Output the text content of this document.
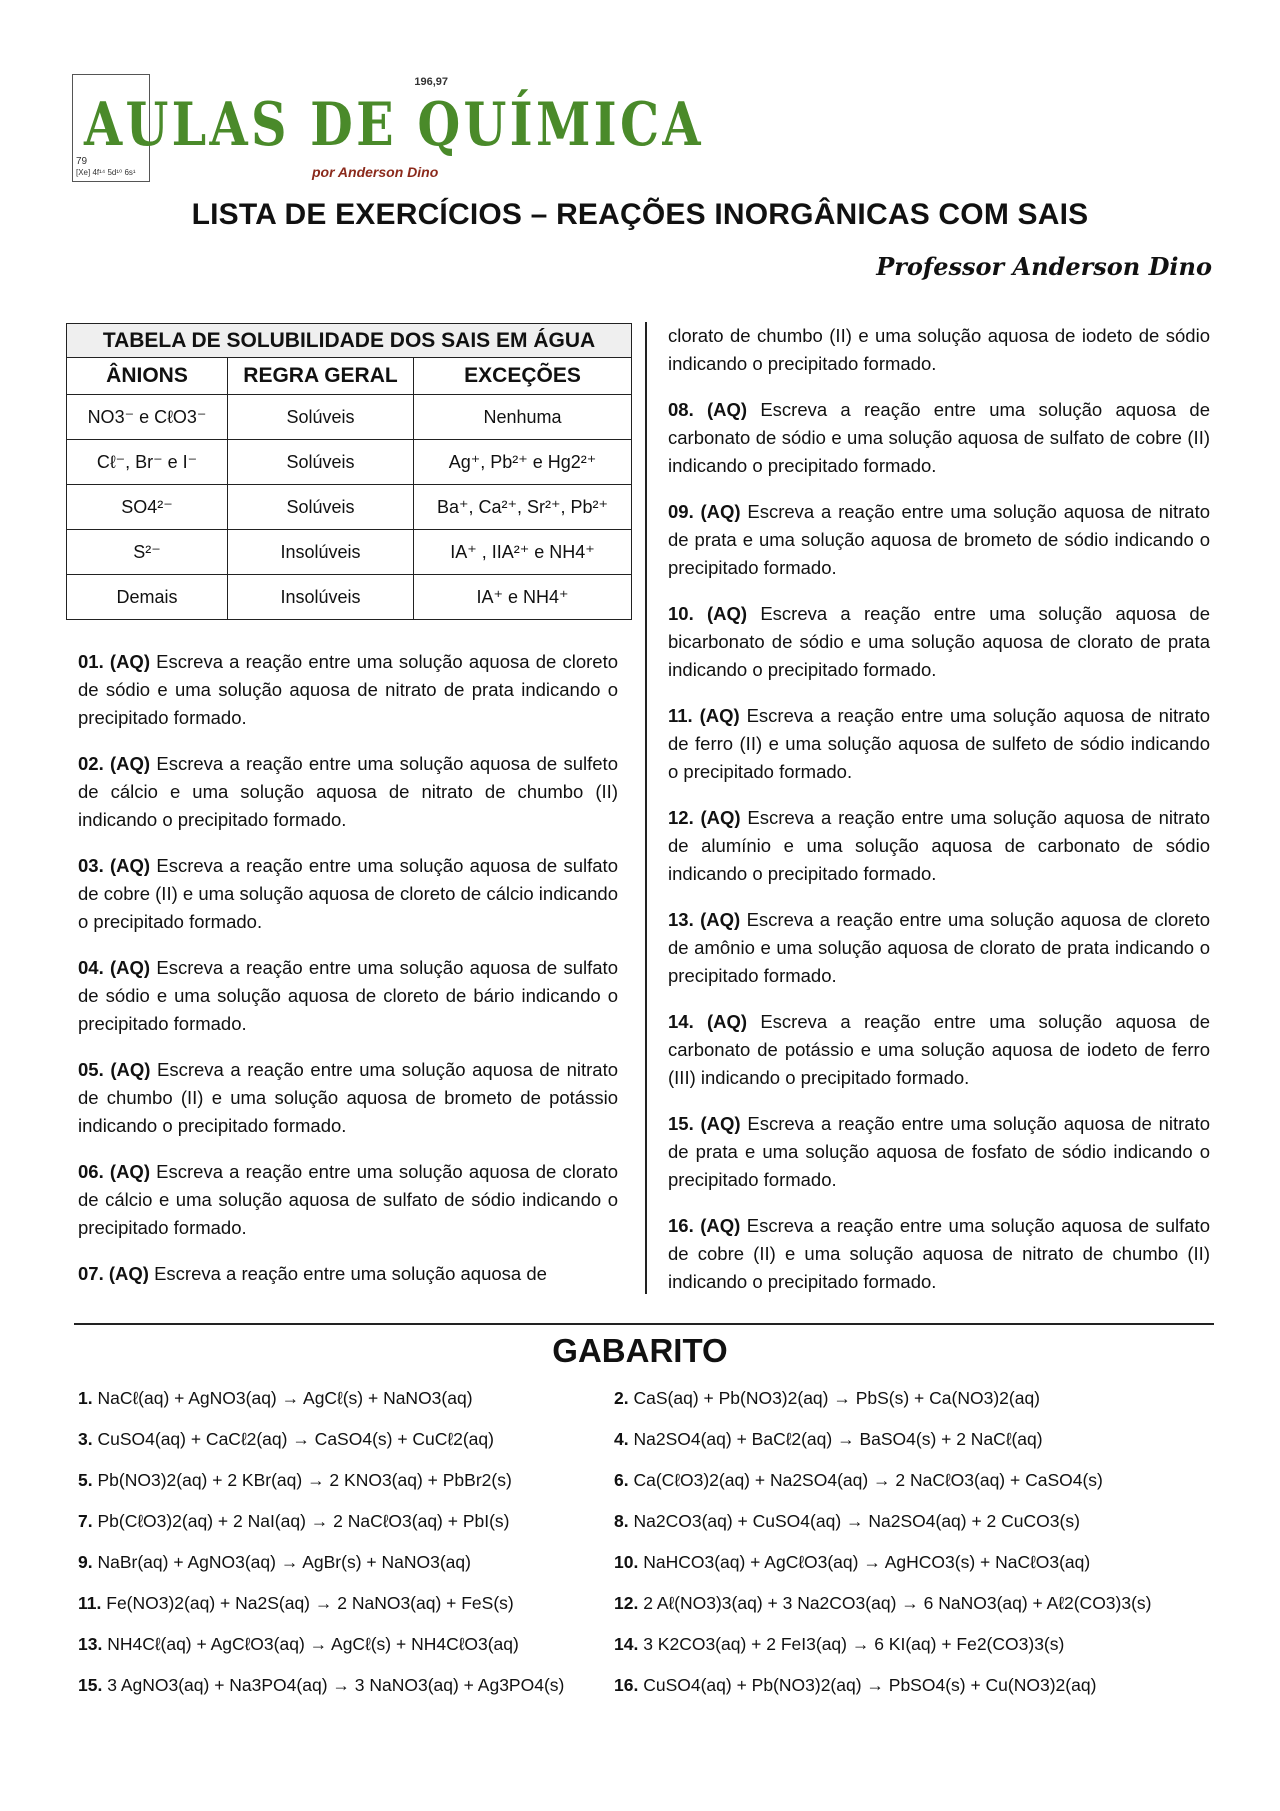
196,97
79
[Xe] 4f¹⁴ 5d¹⁰ 6s¹
AULAS DE QUÍMICA
por Anderson Dino
LISTA DE EXERCÍCIOS – REAÇÕES INORGÂNICAS COM SAIS
Professor Anderson Dino
TABELA DE SOLUBILIDADE DOS SAIS EM ÁGUA		
ÂNIONS	REGRA GERAL	EXCEÇÕES
NO3⁻ e CℓO3⁻	Solúveis	Nenhuma
Cℓ⁻, Br⁻ e I⁻	Solúveis	Ag⁺, Pb²⁺ e Hg2²⁺
SO4²⁻	Solúveis	Ba⁺, Ca²⁺, Sr²⁺, Pb²⁺
S²⁻	Insolúveis	IA⁺ , IIA²⁺ e NH4⁺
Demais	Insolúveis	IA⁺ e NH4⁺

01. (AQ) Escreva a reação entre uma solução aquosa de cloreto de sódio e uma solução aquosa de nitrato de prata indicando o precipitado formado.

02. (AQ) Escreva a reação entre uma solução aquosa de sulfeto de cálcio e uma solução aquosa de nitrato de chumbo (II) indicando o precipitado formado.

03. (AQ) Escreva a reação entre uma solução aquosa de sulfato de cobre (II) e uma solução aquosa de cloreto de cálcio indicando o precipitado formado.

04. (AQ) Escreva a reação entre uma solução aquosa de sulfato de sódio e uma solução aquosa de cloreto de bário indicando o precipitado formado.

05. (AQ) Escreva a reação entre uma solução aquosa de nitrato de chumbo (II) e uma solução aquosa de brometo de potássio indicando o precipitado formado.

06. (AQ) Escreva a reação entre uma solução aquosa de clorato de cálcio e uma solução aquosa de sulfato de sódio indicando o precipitado formado.

07. (AQ) Escreva a reação entre uma solução aquosa de

clorato de chumbo (II) e uma solução aquosa de iodeto de sódio indicando o precipitado formado.

08. (AQ) Escreva a reação entre uma solução aquosa de carbonato de sódio e uma solução aquosa de sulfato de cobre (II) indicando o precipitado formado.

09. (AQ) Escreva a reação entre uma solução aquosa de nitrato de prata e uma solução aquosa de brometo de sódio indicando o precipitado formado.

10. (AQ) Escreva a reação entre uma solução aquosa de bicarbonato de sódio e uma solução aquosa de clorato de prata indicando o precipitado formado.

11. (AQ) Escreva a reação entre uma solução aquosa de nitrato de ferro (II) e uma solução aquosa de sulfeto de sódio indicando o precipitado formado.

12. (AQ) Escreva a reação entre uma solução aquosa de nitrato de alumínio e uma solução aquosa de carbonato de sódio indicando o precipitado formado.

13. (AQ) Escreva a reação entre uma solução aquosa de cloreto de amônio e uma solução aquosa de clorato de prata indicando o precipitado formado.

14. (AQ) Escreva a reação entre uma solução aquosa de carbonato de potássio e uma solução aquosa de iodeto de ferro (III) indicando o precipitado formado.

15. (AQ) Escreva a reação entre uma solução aquosa de nitrato de prata e uma solução aquosa de fosfato de sódio indicando o precipitado formado.

16. (AQ) Escreva a reação entre uma solução aquosa de sulfato de cobre (II) e uma solução aquosa de nitrato de chumbo (II) indicando o precipitado formado.

GABARITO
1. NaCℓ(aq) + AgNO3(aq) → AgCℓ(s) + NaNO3(aq)	2. CaS(aq) + Pb(NO3)2(aq) → PbS(s) + Ca(NO3)2(aq)
3. CuSO4(aq) + CaCℓ2(aq) → CaSO4(s) + CuCℓ2(aq)	4. Na2SO4(aq) + BaCℓ2(aq) → BaSO4(s) + 2 NaCℓ(aq)
5. Pb(NO3)2(aq) + 2 KBr(aq) → 2 KNO3(aq) + PbBr2(s)	6. Ca(CℓO3)2(aq) + Na2SO4(aq) → 2 NaCℓO3(aq) + CaSO4(s)
7. Pb(CℓO3)2(aq) + 2 NaI(aq) → 2 NaCℓO3(aq) + PbI(s)	8. Na2CO3(aq) + CuSO4(aq) → Na2SO4(aq) + 2 CuCO3(s)
9. NaBr(aq) + AgNO3(aq) → AgBr(s) + NaNO3(aq)	10. NaHCO3(aq) + AgCℓO3(aq) → AgHCO3(s) + NaCℓO3(aq)
11. Fe(NO3)2(aq) + Na2S(aq) → 2 NaNO3(aq) + FeS(s)	12. 2 Aℓ(NO3)3(aq) + 3 Na2CO3(aq) → 6 NaNO3(aq) + Aℓ2(CO3)3(s)
13. NH4Cℓ(aq) + AgCℓO3(aq) → AgCℓ(s) + NH4CℓO3(aq)	14. 3 K2CO3(aq) + 2 FeI3(aq) → 6 KI(aq) + Fe2(CO3)3(s)
15. 3 AgNO3(aq) + Na3PO4(aq) → 3 NaNO3(aq) + Ag3PO4(s)	16. CuSO4(aq) + Pb(NO3)2(aq) → PbSO4(s) + Cu(NO3)2(aq)
